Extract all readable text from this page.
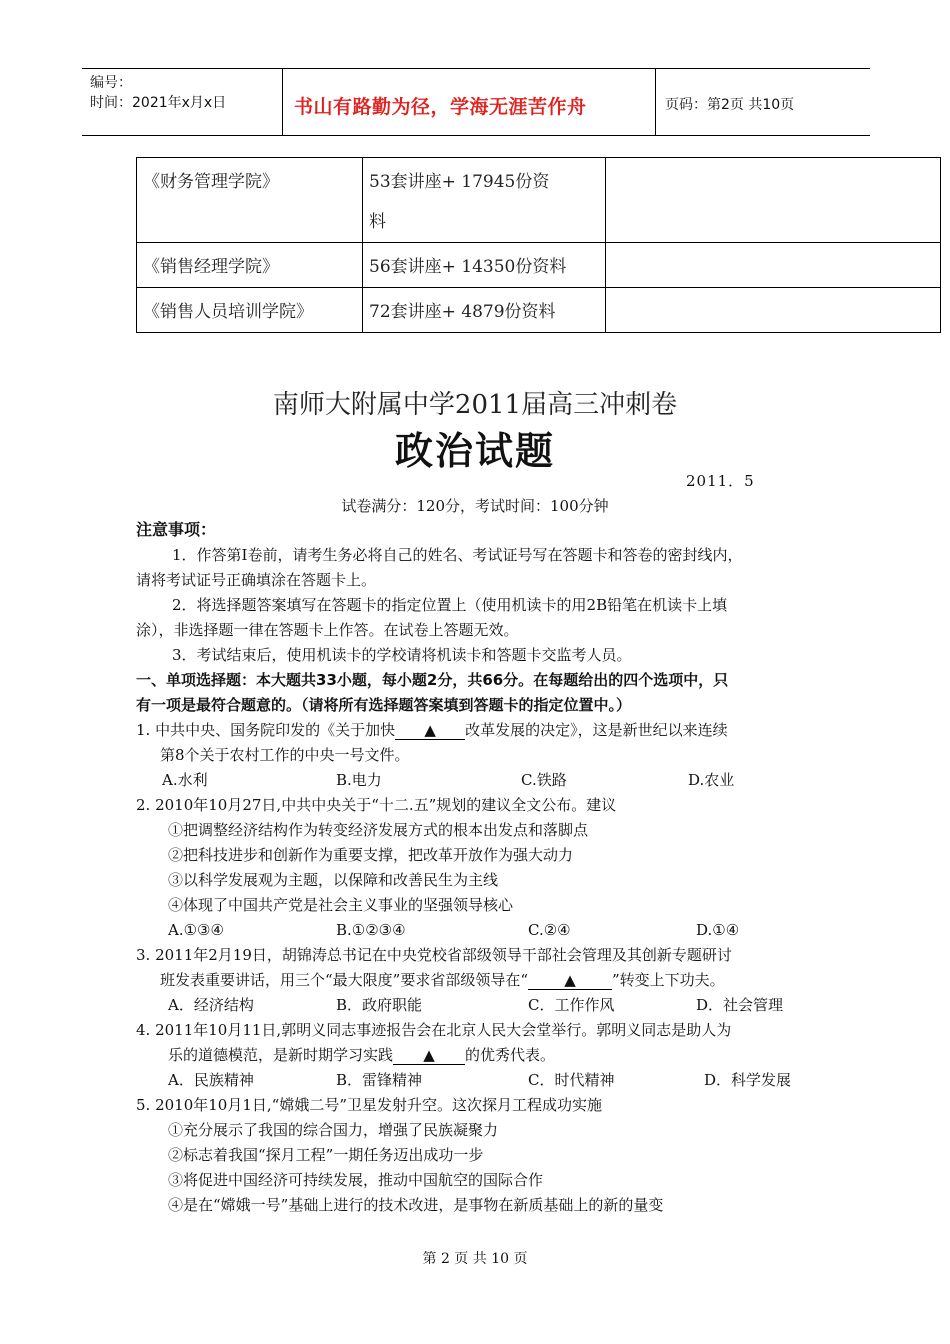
编号：
时间：2021年x月x日	书山有路勤为径，学海无涯苦作舟	页码：第2页 共10页
《财务管理学院》	53套讲座+ 17945份资
料	
《销售经理学院》	56套讲座+ 14350份资料	
《销售人员培训学院》	72套讲座+ 4879份资料	
南师大附属中学2011届高三冲刺卷
政治试题
2011．5
试卷满分：120分，考试时间：100分钟
注意事项：
1．作答第Ⅰ卷前，请考生务必将自己的姓名、考试证号写在答题卡和答卷的密封线内，
请将考试证号正确填涂在答题卡上。
2．将选择题答案填写在答题卡的指定位置上（使用机读卡的用2B铅笔在机读卡上填
涂），非选择题一律在答题卡上作答。在试卷上答题无效。
3．考试结束后，使用机读卡的学校请将机读卡和答题卡交监考人员。
一、单项选择题：本大题共33小题，每小题2分，共66分。在每题给出的四个选项中，只
有一项是最符合题意的。（请将所有选择题答案填到答题卡的指定位置中。）
1. 中共中央、国务院印发的《关于加快 ▲ 改革发展的决定》，这是新世纪以来连续
第8个关于农村工作的中央一号文件。
A.水利	B.电力	C.铁路	D.农业
2. 2010年10月27日,中共中央关于“十二.五”规划的建议全文公布。建议
①把调整经济结构作为转变经济发展方式的根本出发点和落脚点
②把科技进步和创新作为重要支撑，把改革开放作为强大动力
③以科学发展观为主题，以保障和改善民生为主线
④体现了中国共产党是社会主义事业的坚强领导核心
A.①③④	B.①②③④	C.②④	D.①④
3. 2011年2月19日，胡锦涛总书记在中央党校省部级领导干部社会管理及其创新专题研讨
班发表重要讲话，用三个“最大限度”要求省部级领导在“ ▲ ”转变上下功夫。
A．经济结构	B．政府职能	C．工作作风	D．社会管理
4. 2011年10月11日,郭明义同志事迹报告会在北京人民大会堂举行。郭明义同志是助人为
乐的道德模范，是新时期学习实践 ▲ 的优秀代表。
A．民族精神	B．雷锋精神	C．时代精神	D．科学发展
5. 2010年10月1日,“嫦娥二号”卫星发射升空。这次探月工程成功实施
①充分展示了我国的综合国力，增强了民族凝聚力
②标志着我国“探月工程”一期任务迈出成功一步
③将促进中国经济可持续发展，推动中国航空的国际合作
④是在“嫦娥一号”基础上进行的技术改进，是事物在新质基础上的新的量变
第 2 页 共 10 页
